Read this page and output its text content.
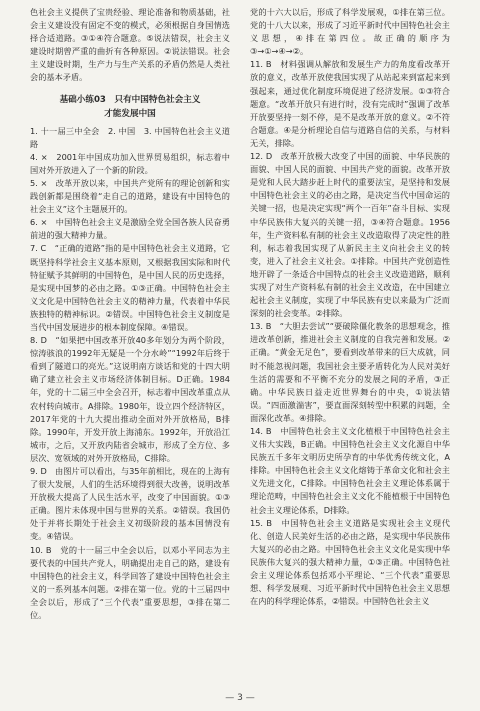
色社会主义提供了宝贵经验、理论准备和物质基础，社会主义建设没有固定不变的模式，必须根据自身国情选择合适道路。③①④符合题意。⑤说法错误，社会主义建设时期曾严重的曲折有各种原因。②说法错误。社会主义建设时期，生产力与生产关系的矛盾仍然是人类社会的基本矛盾。

基础小练03　只有中国特色社会主义
才能发展中国

1. 十一届三中全会　2. 中国　3. 中国特色社会主义道路

4. ×　2001年中国成功加入世界贸易组织，标志着中国对外开放进入了一个新的阶段。

5. ×　改革开放以来，中国共产党所有的理论创新和实践创新都是围绕着“走自己的道路，建设有中国特色的社会主义”这个主题展开的。

6. ×　中国特色社会主义是激励全党全国各族人民奋勇前进的强大精神力量。

7. C　“正确的道路”指的是中国特色社会主义道路，它既坚持科学社会主义基本原则，又根据我国实际和时代特征赋予其鲜明的中国特色，是中国人民的历史选择，是实现中国梦的必由之路。①③正确。中国特色社会主义文化是中国特色社会主义的精神力量，代表着中华民族独特的精神标识。②错误。中国特色社会主义制度是当代中国发展进步的根本制度保障。④错误。

8. D　“如果把中国改革开放40多年划分为两个阶段，惊涛骇浪的1992年无疑是一个分水岭”“1992年后终于看到了隧道口的亮光。”这说明南方谈话和党的十四大明确了建立社会主义市场经济体制目标。D正确。1984年，党的十二届三中全会召开，标志着中国改革重点从农村转向城市。A排除。1980年，设立四个经济特区，2017年党的十九大提出推动全面对外开放格局，B排除。1990年，开发开放上海浦东。1992年，开放沿江城市，之后，又开放内陆省会城市，形成了全方位、多层次、宽领域的对外开放格局，C排除。

9. D　由图片可以看出，与35年前相比，现在的上海有了很大发展，人们的生活环境得到很大改善，说明改革开放极大提高了人民生活水平，改变了中国面貌。①③正确。图片未体现中国与世界的关系。②错误。我国仍处于并将长期处于社会主义初级阶段的基本国情没有变。④错误。

10. B　党的十一届三中全会以后，以邓小平同志为主要代表的中国共产党人，明确提出走自己的路，建设有中国特色的社会主义，科学回答了建设中国特色社会主义的一系列基本问题。②排在第一位。党的十三届四中全会以后，形成了“三个代表”重要思想，③排在第二位。

党的十六大以后，形成了科学发展观，①排在第三位。党的十八大以来，形成了习近平新时代中国特色社会主义思想，④排在第四位。故正确的顺序为③→①→④→②。

11. B　材料强调从解放和发展生产力的角度看改革开放的意义，改革开放使我国实现了从站起来到富起来到强起来，通过优化制度环境促进了经济发展。①③符合题意。“改革开放只有进行时，没有完成时”强调了改革开放要坚持一刻不停，是不是改革开放的意义。②不符合题意。④是分析理论自信与道路自信的关系，与材料无关，排除。

12. D　改革开放极大改变了中国的面貌、中华民族的面貌、中国人民的面貌、中国共产党的面貌。改革开放是党和人民大踏步赶上时代的重要法宝，是坚持和发展中国特色社会主义的必由之路，是决定当代中国命运的关键一招，也是决定实现“两个一百年”奋斗目标、实现中华民族伟大复兴的关键一招，③④符合题意。1956年，生产资料私有制的社会主义改造取得了决定性的胜利，标志着我国实现了从新民主主义向社会主义的转变，进入了社会主义社会。①排除。中国共产党创造性地开辟了一条适合中国特点的社会主义改造道路，顺利实现了对生产资料私有制的社会主义改造，在中国建立起社会主义制度，实现了中华民族有史以来最为广泛而深刻的社会变革。②排除。

13. B　“大胆去尝试”“要破除僵化教条的思想观念，推进改革创新，推进社会主义制度的自我完善和发展。②正确。“黄金无足色”，要看到改革带来的巨大成就，同时不能忽视问题，我国社会主要矛盾转化为人民对美好生活的需要和不平衡不充分的发展之间的矛盾，③正确。中华民族日益走近世界舞台的中央，①说法错误。“四面激湍害”，要直面深刻转型中积累的问题，全面深化改革。④排除。

14. B　中国特色社会主义文化植根于中国特色社会主义伟大实践，B正确。中国特色社会主义文化源自中华民族五千多年文明历史所孕育的中华优秀传统文化，A排除。中国特色社会主义文化熔铸于革命文化和社会主义先进文化，C排除。中国特色社会主义理论体系属于理论范畴，中国特色社会主义文化不能植根于中国特色社会主义理论体系，D排除。

15. B　中国特色社会主义道路是实现社会主义现代化、创造人民美好生活的必由之路，是实现中华民族伟大复兴的必由之路。中国特色社会主义文化是实现中华民族伟大复兴的强大精神力量，①③正确。中国特色社会主义理论体系包括邓小平理论、“三个代表”重要思想、科学发展观、习近平新时代中国特色社会主义思想在内的科学理论体系，②错误。中国特色社会主义

— 3 —
